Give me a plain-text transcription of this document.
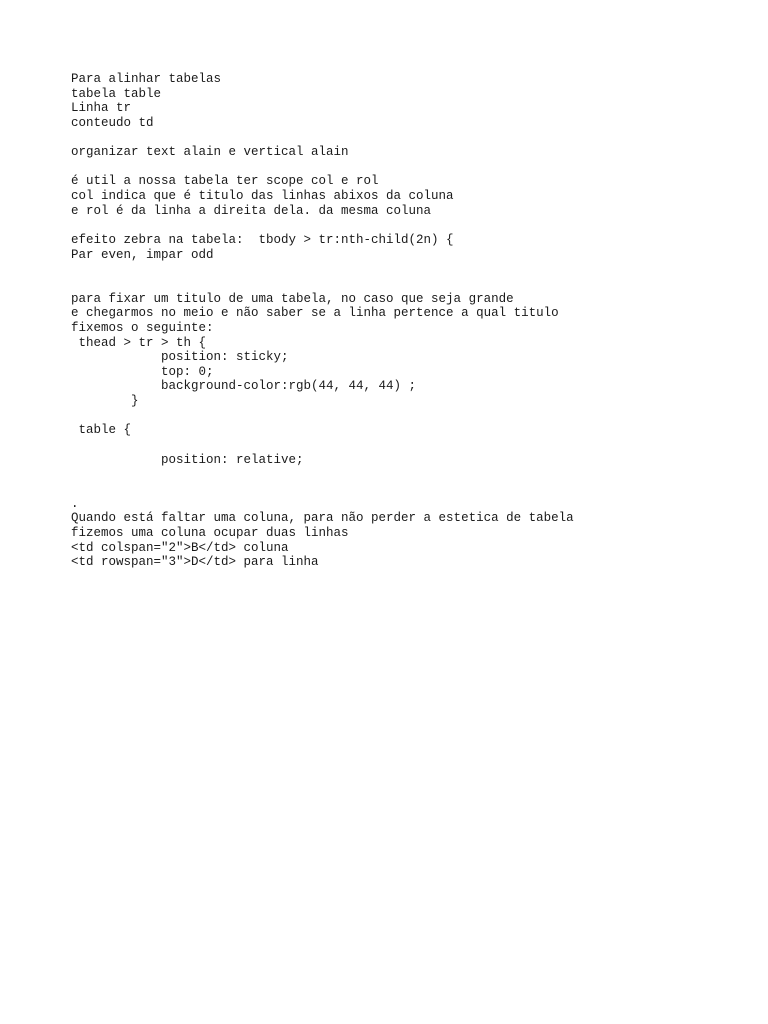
Para alinhar tabelas
tabela table
Linha tr
conteudo td
organizar text alain e vertical alain
é util a nossa tabela ter scope col e rol
col indica que é titulo das linhas abixos da coluna
e rol é da linha a direita dela. da mesma coluna
efeito zebra na tabela:  tbody > tr:nth-child(2n) {
Par even, impar odd
para fixar um titulo de uma tabela, no caso que seja grande
e chegarmos no meio e não saber se a linha pertence a qual titulo
fixemos o seguinte:
thead > tr > th {
position: sticky;
top: 0;
background-color:rgb(44, 44, 44) ;
}
table {
position: relative;
.
Quando está faltar uma coluna, para não perder a estetica de tabela
fizemos uma coluna ocupar duas linhas
<td colspan="2">B</td> coluna
<td rowspan="3">D</td> para linha
